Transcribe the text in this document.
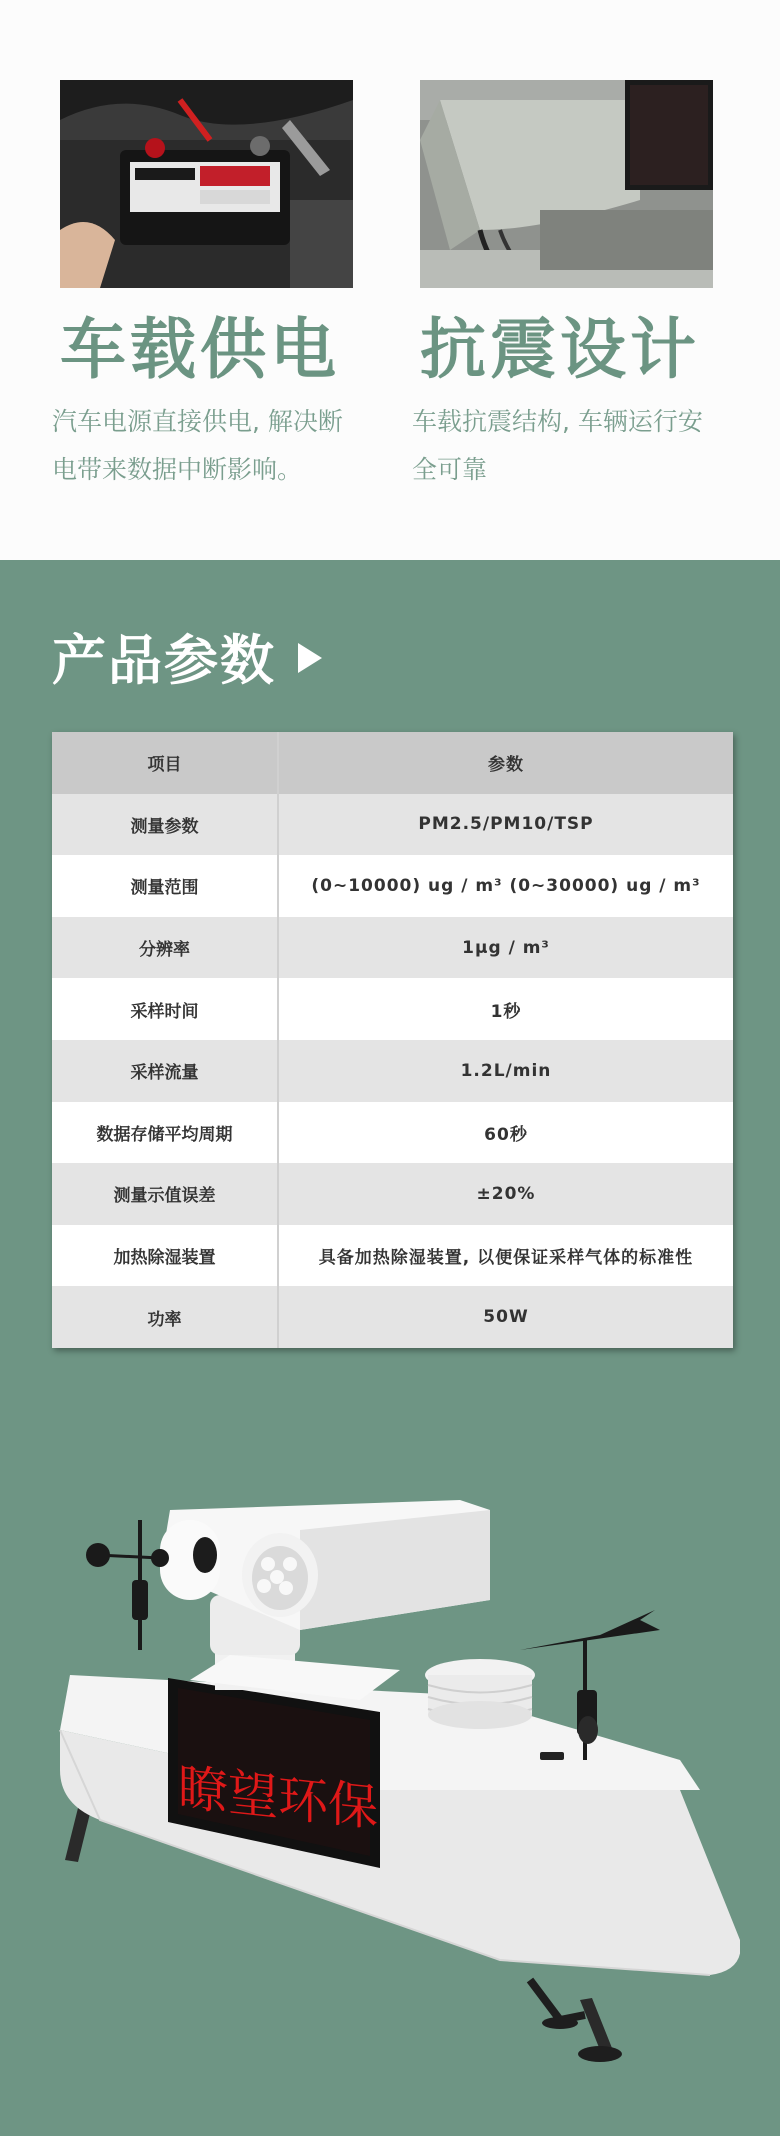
车载供电
汽车电源直接供电, 解决断
电带来数据中断影响。
抗震设计
车载抗震结构, 车辆运行安
全可靠
产品参数
项目	参数
测量参数	PM2.5/PM10/TSP
测量范围	(0~10000) ug / m³ (0~30000) ug / m³
分辨率	1μg / m³
采样时间	1秒
采样流量	1.2L/min
数据存储平均周期	60秒
测量示值误差	±20%
加热除湿装置	具备加热除湿装置, 以便保证采样气体的标准性
功率	50W
瞭望环保
